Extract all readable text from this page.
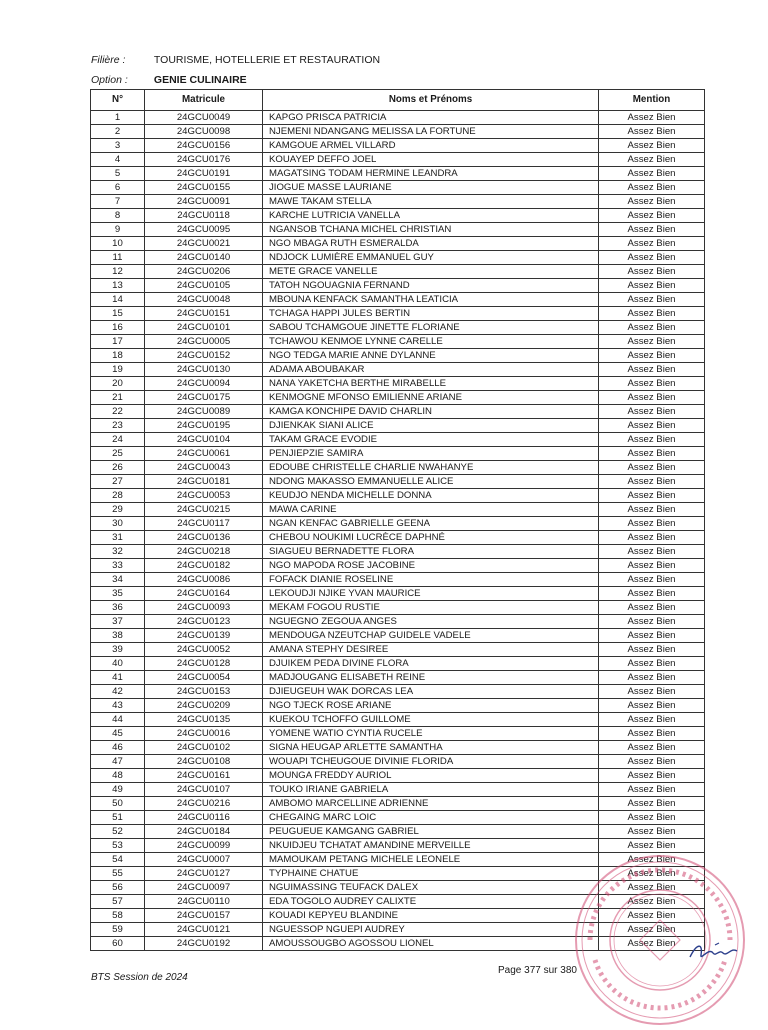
Filière :	TOURISME, HOTELLERIE ET RESTAURATION
Option : GENIE CULINAIRE
N°	Matricule	Noms et Prénoms	Mention
1	24GCU0049	KAPGO PRISCA PATRICIA	Assez Bien
2	24GCU0098	NJEMENI NDANGANG MELISSA LA FORTUNE	Assez Bien
3	24GCU0156	KAMGOUE ARMEL VILLARD	Assez Bien
4	24GCU0176	KOUAYEP DEFFO JOEL	Assez Bien
5	24GCU0191	MAGATSING TODAM HERMINE LEANDRA	Assez Bien
6	24GCU0155	JIOGUE MASSE LAURIANE	Assez Bien
7	24GCU0091	MAWE TAKAM STELLA	Assez Bien
8	24GCU0118	KARCHE LUTRICIA VANELLA	Assez Bien
9	24GCU0095	NGANSOB TCHANA MICHEL CHRISTIAN	Assez Bien
10	24GCU0021	NGO MBAGA RUTH ESMERALDA	Assez Bien
11	24GCU0140	NDJOCK LUMIÈRE EMMANUEL GUY	Assez Bien
12	24GCU0206	METE GRACE VANELLE	Assez Bien
13	24GCU0105	TATOH NGOUAGNIA FERNAND	Assez Bien
14	24GCU0048	MBOUNA KENFACK SAMANTHA LEATICIA	Assez Bien
15	24GCU0151	TCHAGA HAPPI JULES BERTIN	Assez Bien
16	24GCU0101	SABOU TCHAMGOUE JINETTE FLORIANE	Assez Bien
17	24GCU0005	TCHAWOU KENMOE LYNNE CARELLE	Assez Bien
18	24GCU0152	NGO TEDGA MARIE ANNE DYLANNE	Assez Bien
19	24GCU0130	ADAMA ABOUBAKAR	Assez Bien
20	24GCU0094	NANA YAKETCHA BERTHE MIRABELLE	Assez Bien
21	24GCU0175	KENMOGNE MFONSO EMILIENNE ARIANE	Assez Bien
22	24GCU0089	KAMGA KONCHIPE DAVID CHARLIN	Assez Bien
23	24GCU0195	DJIENKAK SIANI ALICE	Assez Bien
24	24GCU0104	TAKAM GRACE EVODIE	Assez Bien
25	24GCU0061	PENJIEPZIE SAMIRA	Assez Bien
26	24GCU0043	EDOUBE CHRISTELLE CHARLIE NWAHANYE	Assez Bien
27	24GCU0181	NDONG MAKASSO EMMANUELLE ALICE	Assez Bien
28	24GCU0053	KEUDJO NENDA MICHELLE DONNA	Assez Bien
29	24GCU0215	MAWA CARINE	Assez Bien
30	24GCU0117	NGAN KENFAC GABRIELLE GEENA	Assez Bien
31	24GCU0136	CHEBOU NOUKIMI LUCRÈCE DAPHNÉ	Assez Bien
32	24GCU0218	SIAGUEU BERNADETTE FLORA	Assez Bien
33	24GCU0182	NGO MAPODA ROSE JACOBINE	Assez Bien
34	24GCU0086	FOFACK DIANIE ROSELINE	Assez Bien
35	24GCU0164	LEKOUDJI NJIKE YVAN MAURICE	Assez Bien
36	24GCU0093	MEKAM FOGOU RUSTIE	Assez Bien
37	24GCU0123	NGUEGNO ZEGOUA ANGES	Assez Bien
38	24GCU0139	MENDOUGA NZEUTCHAP GUIDELE VADELE	Assez Bien
39	24GCU0052	AMANA STEPHY DESIREE	Assez Bien
40	24GCU0128	DJUIKEM PEDA DIVINE FLORA	Assez Bien
41	24GCU0054	MADJOUGANG ELISABETH REINE	Assez Bien
42	24GCU0153	DJIEUGEUH WAK DORCAS LEA	Assez Bien
43	24GCU0209	NGO TJECK ROSE ARIANE	Assez Bien
44	24GCU0135	KUEKOU TCHOFFO GUILLOME	Assez Bien
45	24GCU0016	YOMENE WATIO CYNTIA RUCELE	Assez Bien
46	24GCU0102	SIGNA HEUGAP ARLETTE SAMANTHA	Assez Bien
47	24GCU0108	WOUAPI TCHEUGOUE DIVINIE FLORIDA	Assez Bien
48	24GCU0161	MOUNGA FREDDY AURIOL	Assez Bien
49	24GCU0107	TOUKO IRIANE GABRIELA	Assez Bien
50	24GCU0216	AMBOMO MARCELLINE ADRIENNE	Assez Bien
51	24GCU0116	CHEGAING MARC LOIC	Assez Bien
52	24GCU0184	PEUGUEUE KAMGANG GABRIEL	Assez Bien
53	24GCU0099	NKUIDJEU TCHATAT AMANDINE MERVEILLE	Assez Bien
54	24GCU0007	MAMOUKAM PETANG MICHELE LEONELE	Assez Bien
55	24GCU0127	TYPHAINE CHATUE	Assez Bien
56	24GCU0097	NGUIMASSING TEUFACK DALEX	Assez Bien
57	24GCU0110	EDA TOGOLO AUDREY CALIXTE	Assez Bien
58	24GCU0157	KOUADI KEPYEU BLANDINE	Assez Bien
59	24GCU0121	NGUESSOP NGUEPI AUDREY	Assez Bien
60	24GCU0192	AMOUSSOUGBO AGOSSOU LIONEL	Assez Bien
BTS Session de 2024
Page 377 sur 380
